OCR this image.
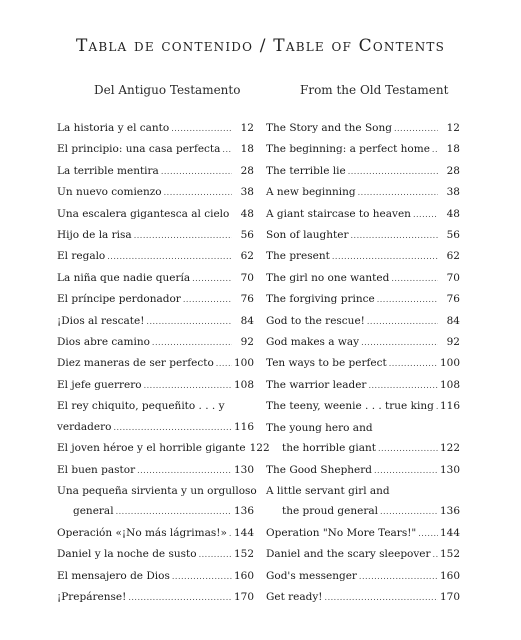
Tabla de contenido / Table of Contents
Del Antiguo Testamento	From the Old Testament
La historia y el canto .....	12
El principio: una casa perfecta .....	18
La terrible mentira .....	28
Un nuevo comienzo .....	38
Una escalera gigantesca al cielo .....	48
Hijo de la risa .....	56
El regalo .....	62
La niña que nadie quería .....	70
El príncipe perdonador .....	76
¡Dios al rescate! .....	84
Dios abre camino .....	92
Diez maneras de ser perfecto ..... 100
El jefe guerrero .....	108
El rey chiquito, pequeñito . . . y
verdadero .....	116
El joven héroe y el horrible gigante 122
El buen pastor .....	130
Una pequeña sirvienta y un orgulloso
general .....	136
Operación «¡No más lágrimas!» ..... 144
Daniel y la noche de susto .....	152
El mensajero de Dios .....	160
¡Prepárense! .....	170
The Story and the Song .....	12
The beginning: a perfect home .....	18
The terrible lie .....	28
A new beginning .....	38
A giant staircase to heaven .....	48
Son of laughter .....	56
The present .....	62
The girl no one wanted .....	70
The forgiving prince .....	76
God to the rescue! .....	84
God makes a way .....	92
Ten ways to be perfect .....	100
The warrior leader .....	108
The teeny, weenie . . . true king ..... 116
The young hero and
the horrible giant .....	122
The Good Shepherd .....	130
A little servant girl and
the proud general .....	136
Operation "No More Tears!" ..... 144
Daniel and the scary sleepover ..... 152
God's messenger .....	160
Get ready! .....	170
